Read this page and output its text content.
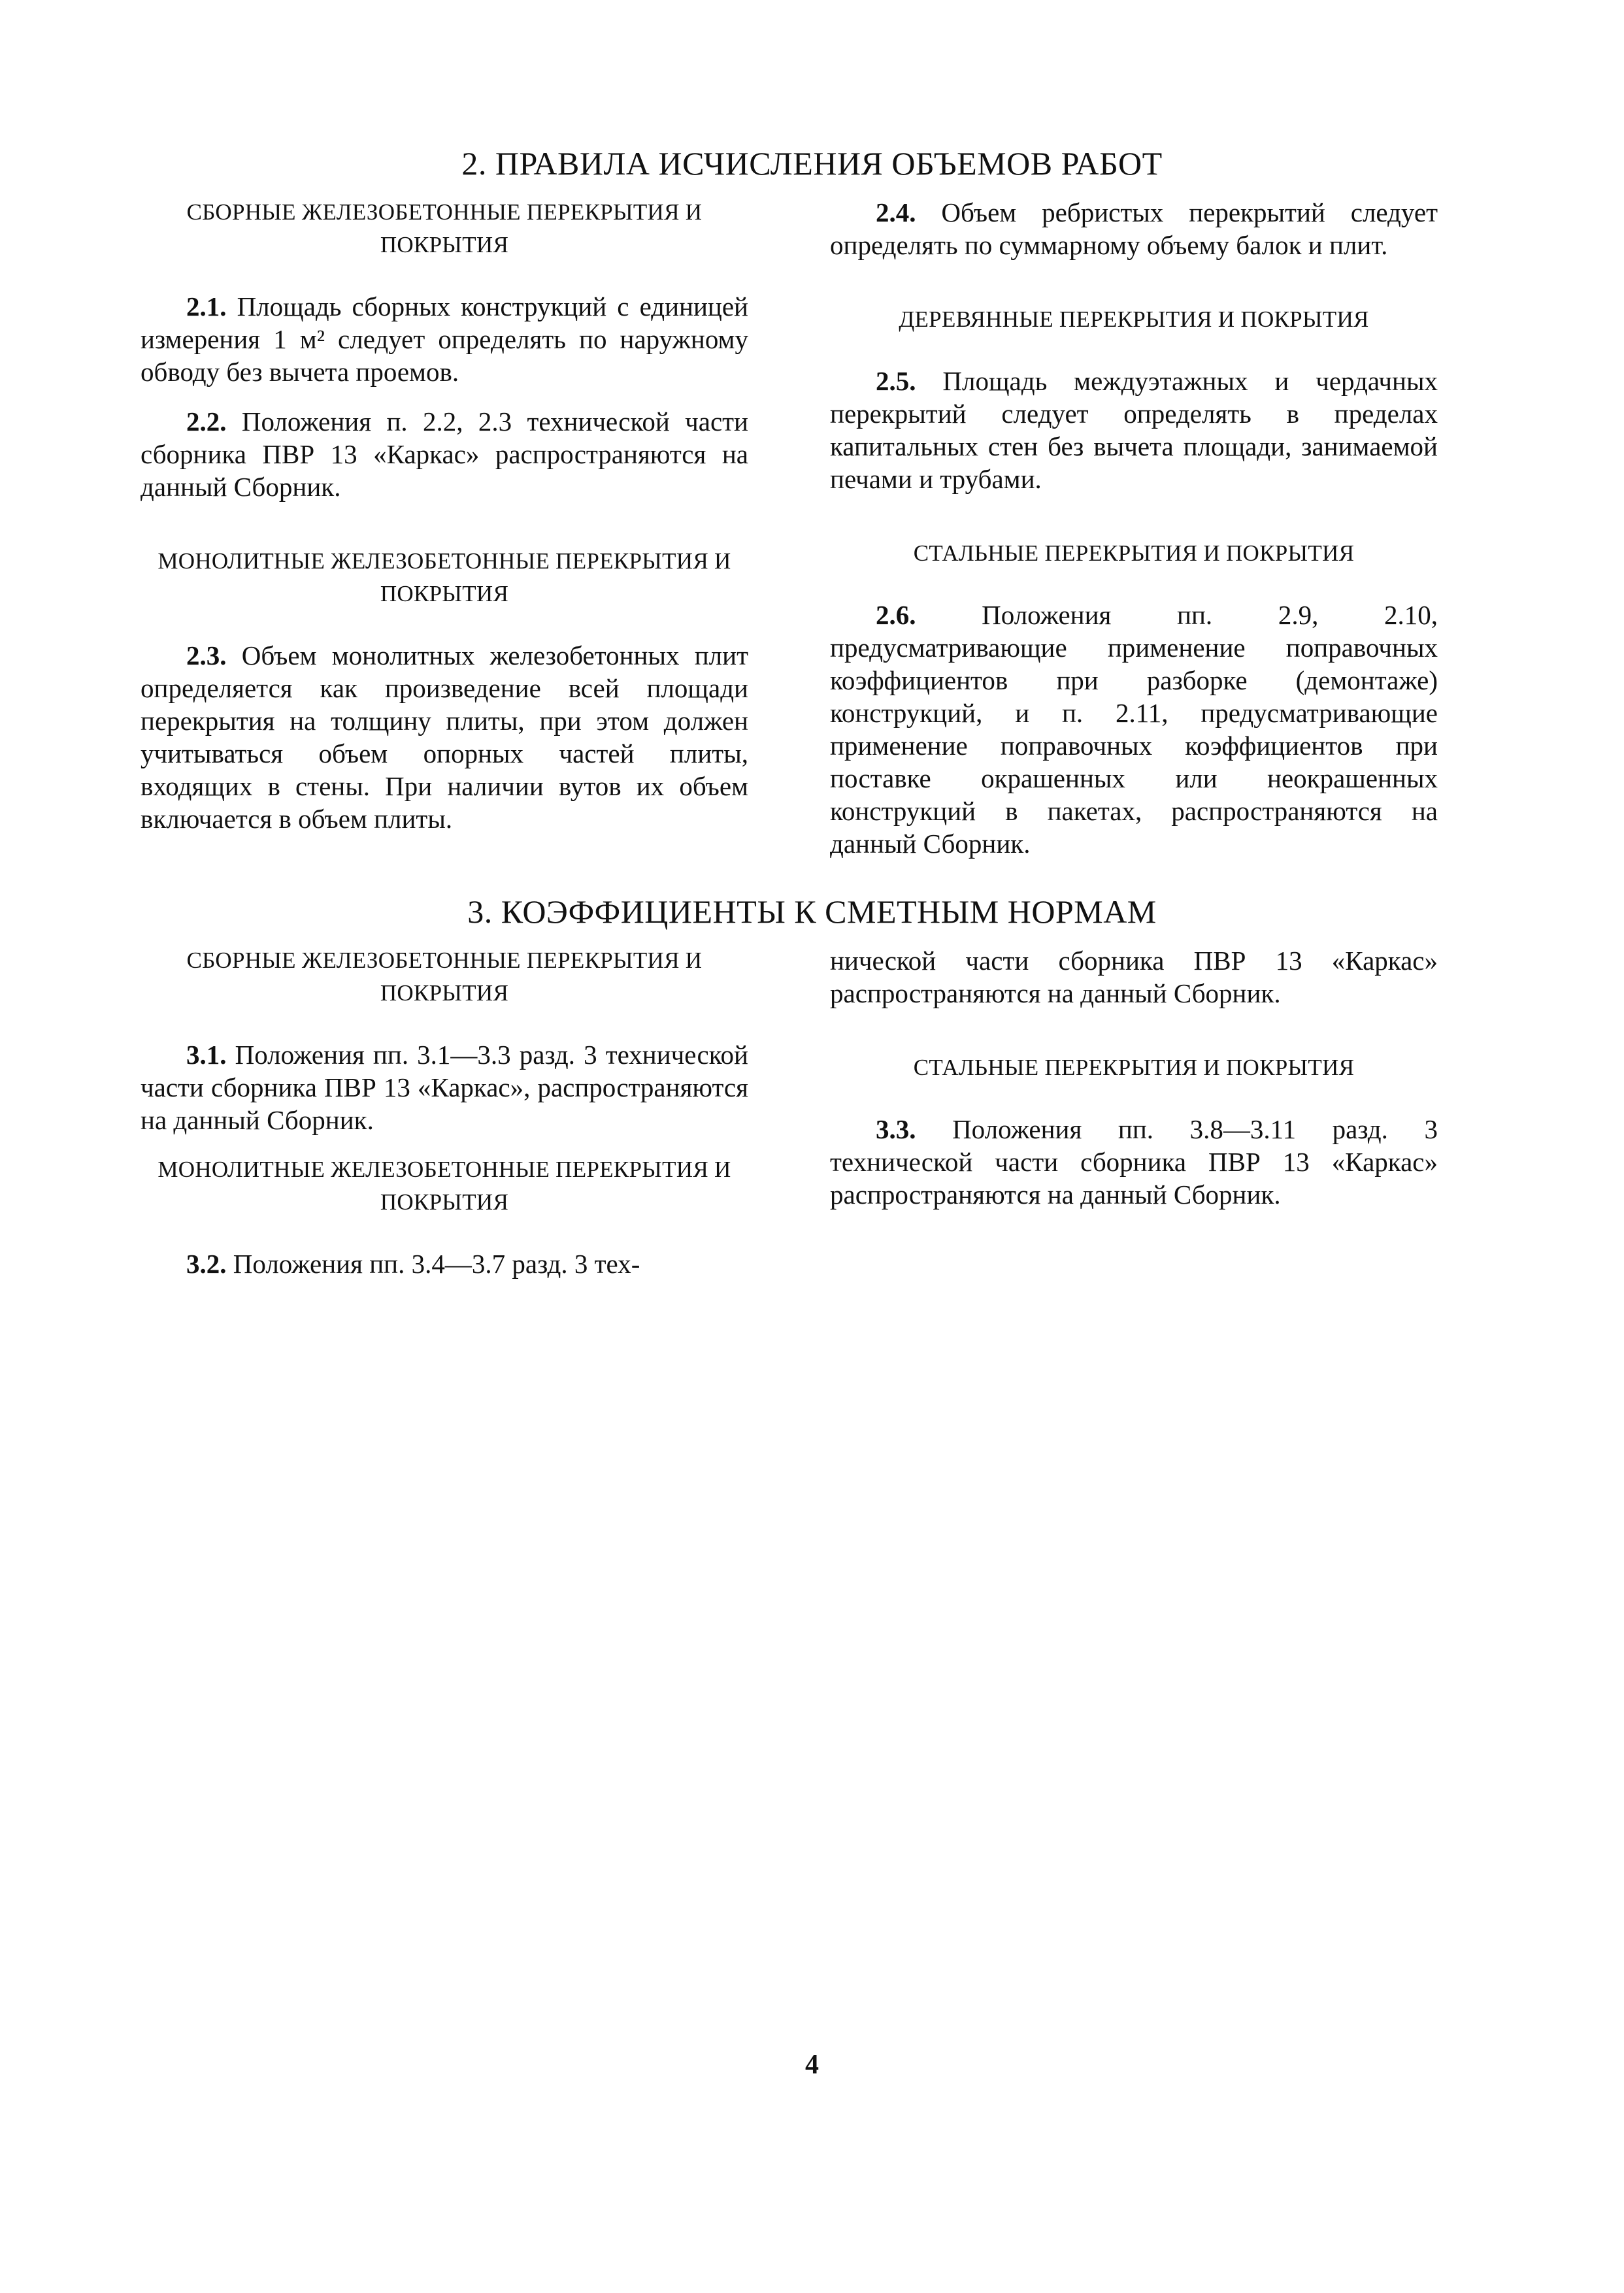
2. ПРАВИЛА ИСЧИСЛЕНИЯ ОБЪЕМОВ РАБОТ
СБОРНЫЕ ЖЕЛЕЗОБЕТОННЫЕ ПЕРЕКРЫТИЯ И ПОКРЫТИЯ

2.1. Площадь сборных конструкций с единицей измерения 1 м² следует определять по наружному обводу без вычета проемов.

2.2. Положения п. 2.2, 2.3 технической части сборника ПВР 13 «Каркас» распространяются на данный Сборник.

МОНОЛИТНЫЕ ЖЕЛЕЗОБЕТОННЫЕ ПЕРЕКРЫТИЯ И ПОКРЫТИЯ

2.3. Объем монолитных железобетонных плит определяется как произведение всей площади перекрытия на толщину плиты, при этом должен учитываться объем опорных частей плиты, входящих в стены. При наличии вутов их объем включается в объем плиты.

2.4. Объем ребристых перекрытий следует определять по суммарному объему балок и плит.

ДЕРЕВЯННЫЕ ПЕРЕКРЫТИЯ И ПОКРЫТИЯ

2.5. Площадь междуэтажных и чердачных перекрытий следует определять в пределах капитальных стен без вычета площади, занимаемой печами и трубами.

СТАЛЬНЫЕ ПЕРЕКРЫТИЯ И ПОКРЫТИЯ

2.6. Положения пп. 2.9, 2.10, предусматривающие применение поправочных коэффициентов при разборке (демонтаже) конструкций, и п. 2.11, предусматривающие применение поправочных коэффициентов при поставке окрашенных или неокрашенных конструкций в пакетах, распространяются на данный Сборник.

3. КОЭФФИЦИЕНТЫ К СМЕТНЫМ НОРМАМ
СБОРНЫЕ ЖЕЛЕЗОБЕТОННЫЕ ПЕРЕКРЫТИЯ И ПОКРЫТИЯ

3.1. Положения пп. 3.1—3.3 разд. 3 технической части сборника ПВР 13 «Каркас», распространяются на данный Сборник.

МОНОЛИТНЫЕ ЖЕЛЕЗОБЕТОННЫЕ ПЕРЕКРЫТИЯ И ПОКРЫТИЯ

3.2. Положения пп. 3.4—3.7 разд. 3 тех-

нической части сборника ПВР 13 «Каркас» распространяются на данный Сборник.

СТАЛЬНЫЕ ПЕРЕКРЫТИЯ И ПОКРЫТИЯ

3.3. Положения пп. 3.8—3.11 разд. 3 технической части сборника ПВР 13 «Каркас» распространяются на данный Сборник.

4
